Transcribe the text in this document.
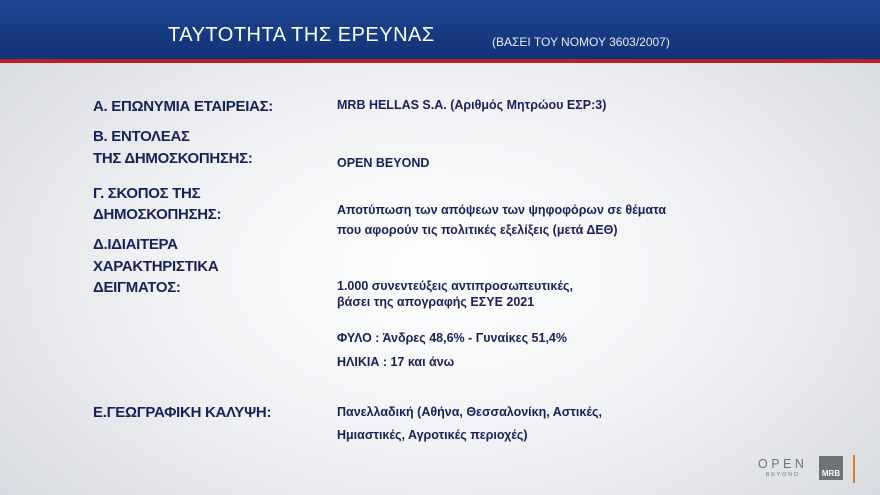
ΤΑΥΤΟΤΗΤΑ ΤΗΣ ΕΡΕΥΝΑΣ	(ΒΑΣΕΙ ΤΟΥ ΝΟΜΟΥ 3603/2007)
Α. ΕΠΩΝΥΜΙΑ ΕΤΑΙΡΕΙΑΣ:	MRB HELLAS S.A. (Αριθμός Μητρώου ΕΣΡ:3)
Β. ΕΝΤΟΛΕΑΣ
ΤΗΣ ΔΗΜΟΣΚΟΠΗΣΗΣ:	OPEN BEYOND
Γ. ΣΚΟΠΟΣ ΤΗΣ
ΔΗΜΟΣΚΟΠΗΣΗΣ:	Αποτύπωση των απόψεων των ψηφοφόρων σε θέματα
που αφορούν τις πολιτικές εξελίξεις (μετά ΔΕΘ)
Δ.ΙΔΙΑΙΤΕΡΑ
ΧΑΡΑΚΤΗΡΙΣΤΙΚΑ
ΔΕΙΓΜΑΤΟΣ:	1.000 συνεντεύξεις αντιπροσωπευτικές,
βάσει της απογραφής ΕΣΥΕ 2021
ΦΥΛΟ : Άνδρες 48,6% - Γυναίκες 51,4%
ΗΛΙΚΙΑ : 17 και άνω
Ε.ΓΕΩΓΡΑΦΙΚΗ ΚΑΛΥΨΗ:	Πανελλαδική (Αθήνα, Θεσσαλονίκη, Αστικές,
Ημιαστικές, Αγροτικές περιοχές)
OPEN
BEYOND	MRB
